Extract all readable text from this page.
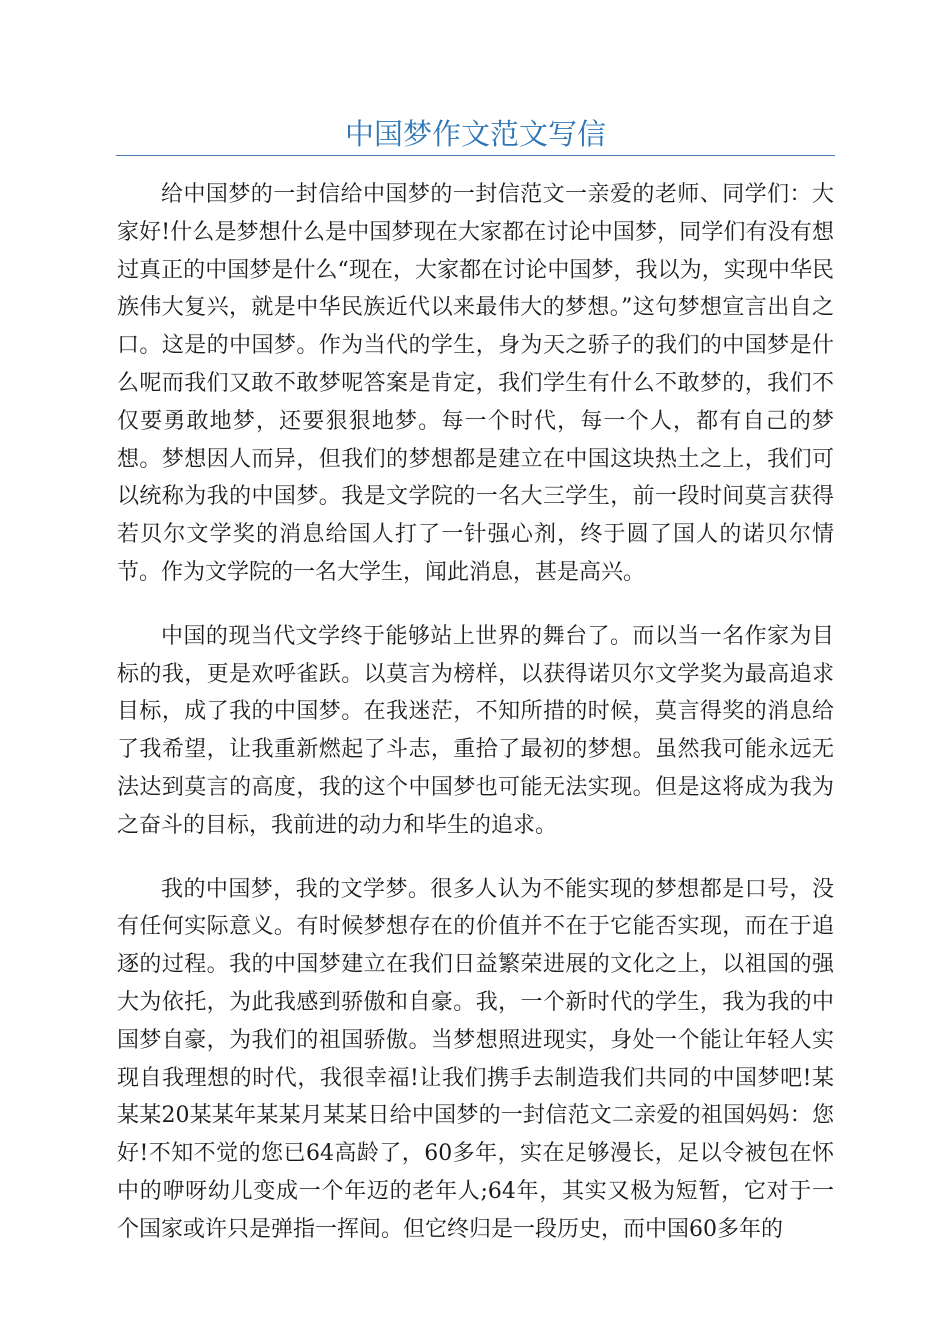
中国梦作文范文写信

给中国梦的一封信给中国梦的一封信范文一亲爱的老师、同学们：大家好!什么是梦想什么是中国梦现在大家都在讨论中国梦，同学们有没有想过真正的中国梦是什么“现在，大家都在讨论中国梦，我以为，实现中华民族伟大复兴，就是中华民族近代以来最伟大的梦想。”这句梦想宣言出自之口。这是的中国梦。作为当代的学生，身为天之骄子的我们的中国梦是什么呢而我们又敢不敢梦呢答案是肯定，我们学生有什么不敢梦的，我们不仅要勇敢地梦，还要狠狠地梦。每一个时代，每一个人，都有自己的梦想。梦想因人而异，但我们的梦想都是建立在中国这块热土之上，我们可以统称为我的中国梦。我是文学院的一名大三学生，前一段时间莫言获得若贝尔文学奖的消息给国人打了一针强心剂，终于圆了国人的诺贝尔情节。作为文学院的一名大学生，闻此消息，甚是高兴。

中国的现当代文学终于能够站上世界的舞台了。而以当一名作家为目标的我，更是欢呼雀跃。以莫言为榜样，以获得诺贝尔文学奖为最高追求目标，成了我的中国梦。在我迷茫，不知所措的时候，莫言得奖的消息给了我希望，让我重新燃起了斗志，重拾了最初的梦想。虽然我可能永远无法达到莫言的高度，我的这个中国梦也可能无法实现。但是这将成为我为之奋斗的目标，我前进的动力和毕生的追求。

我的中国梦，我的文学梦。很多人认为不能实现的梦想都是口号，没有任何实际意义。有时候梦想存在的价值并不在于它能否实现，而在于追逐的过程。我的中国梦建立在我们日益繁荣进展的文化之上，以祖国的强大为依托，为此我感到骄傲和自豪。我，一个新时代的学生，我为我的中国梦自豪，为我们的祖国骄傲。当梦想照进现实，身处一个能让年轻人实现自我理想的时代，我很幸福!让我们携手去制造我们共同的中国梦吧!某某某20某某年某某月某某日给中国梦的一封信范文二亲爱的祖国妈妈：您好!不知不觉的您已64高龄了，60多年，实在足够漫长，足以令被包在怀中的咿呀幼儿变成一个年迈的老年人;64年，其实又极为短暂，它对于一个国家或许只是弹指一挥间。但它终归是一段历史，而中国60多年的
